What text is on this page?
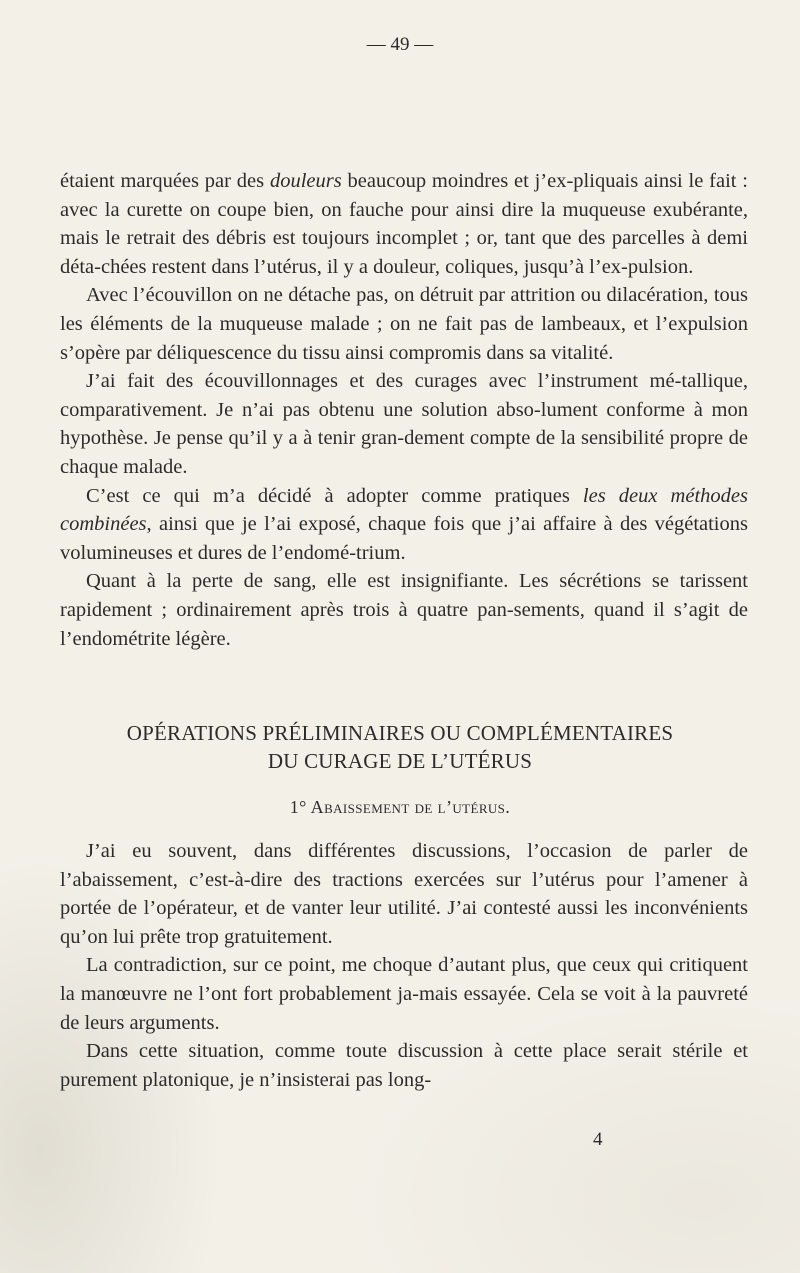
— 49 —

étaient marquées par des douleurs beaucoup moindres et j’ex-pliquais ainsi le fait : avec la curette on coupe bien, on fauche pour ainsi dire la muqueuse exubérante, mais le retrait des débris est toujours incomplet ; or, tant que des parcelles à demi déta-chées restent dans l’utérus, il y a douleur, coliques, jusqu’à l’ex-pulsion.

Avec l’écouvillon on ne détache pas, on détruit par attrition ou dilacération, tous les éléments de la muqueuse malade ; on ne fait pas de lambeaux, et l’expulsion s’opère par déliquescence du tissu ainsi compromis dans sa vitalité.

J’ai fait des écouvillonnages et des curages avec l’instrument mé-tallique, comparativement. Je n’ai pas obtenu une solution abso-lument conforme à mon hypothèse. Je pense qu’il y a à tenir gran-dement compte de la sensibilité propre de chaque malade.

C’est ce qui m’a décidé à adopter comme pratiques les deux méthodes combinées, ainsi que je l’ai exposé, chaque fois que j’ai affaire à des végétations volumineuses et dures de l’endomé-trium.

Quant à la perte de sang, elle est insignifiante. Les sécrétions se tarissent rapidement ; ordinairement après trois à quatre pan-sements, quand il s’agit de l’endométrite légère.

OPÉRATIONS PRÉLIMINAIRES OU COMPLÉMENTAIRES
DU CURAGE DE L’UTÉRUS
1° Abaissement de l’utérus.

J’ai eu souvent, dans différentes discussions, l’occasion de parler de l’abaissement, c’est-à-dire des tractions exercées sur l’utérus pour l’amener à portée de l’opérateur, et de vanter leur utilité. J’ai contesté aussi les inconvénients qu’on lui prête trop gratuitement.

La contradiction, sur ce point, me choque d’autant plus, que ceux qui critiquent la manœuvre ne l’ont fort probablement ja-mais essayée. Cela se voit à la pauvreté de leurs arguments.

Dans cette situation, comme toute discussion à cette place serait stérile et purement platonique, je n’insisterai pas long-

4
